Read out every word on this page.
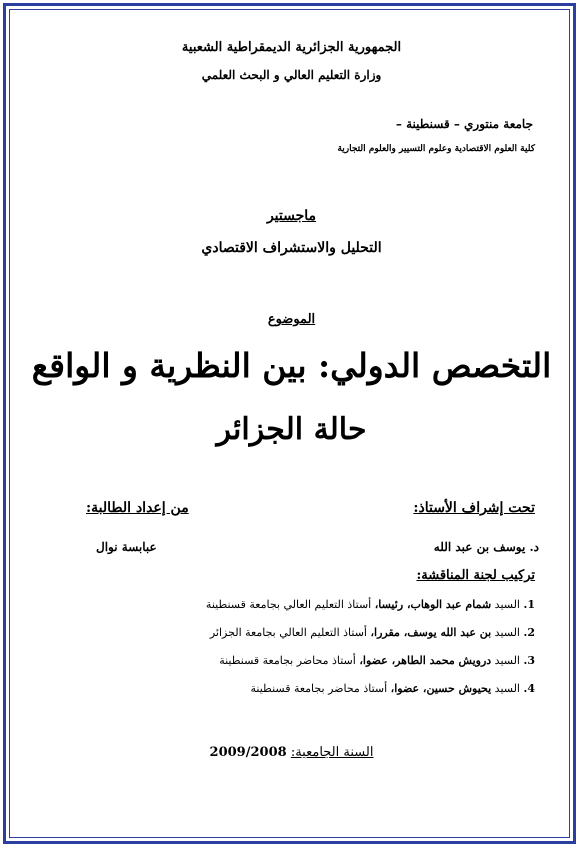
الجمهورية الجزائرية الديمقراطية الشعبية
وزارة التعليم العالي و البحث العلمي
جامعة منتوري – قسنطينة –
كلية العلوم الاقتصادية وعلوم التسيير والعلوم التجارية
ماجستير
التحليل والاستشراف الاقتصادي
الموضوع
التخصص الدولي: بين النظرية و الواقع
حالة الجزائر
تحت إشراف الأستاذ:
من إعداد الطالبة:
د. يوسف بن عبد الله
عبابسة نوال
تركيب لجنة المناقشة:
1. السيد شمام عبد الوهاب، رئيسا، أستاذ التعليم العالي بجامعة قسنطينة
2. السيد بن عبد الله يوسف، مقررا، أستاذ التعليم العالي بجامعة الجزائر
3. السيد درويش محمد الطاهر، عضوا، أستاذ محاضر بجامعة قسنطينة
4. السيد يحيوش حسين، عضوا، أستاذ محاضر بجامعة قسنطينة
السنة الجامعية: 2009/2008
